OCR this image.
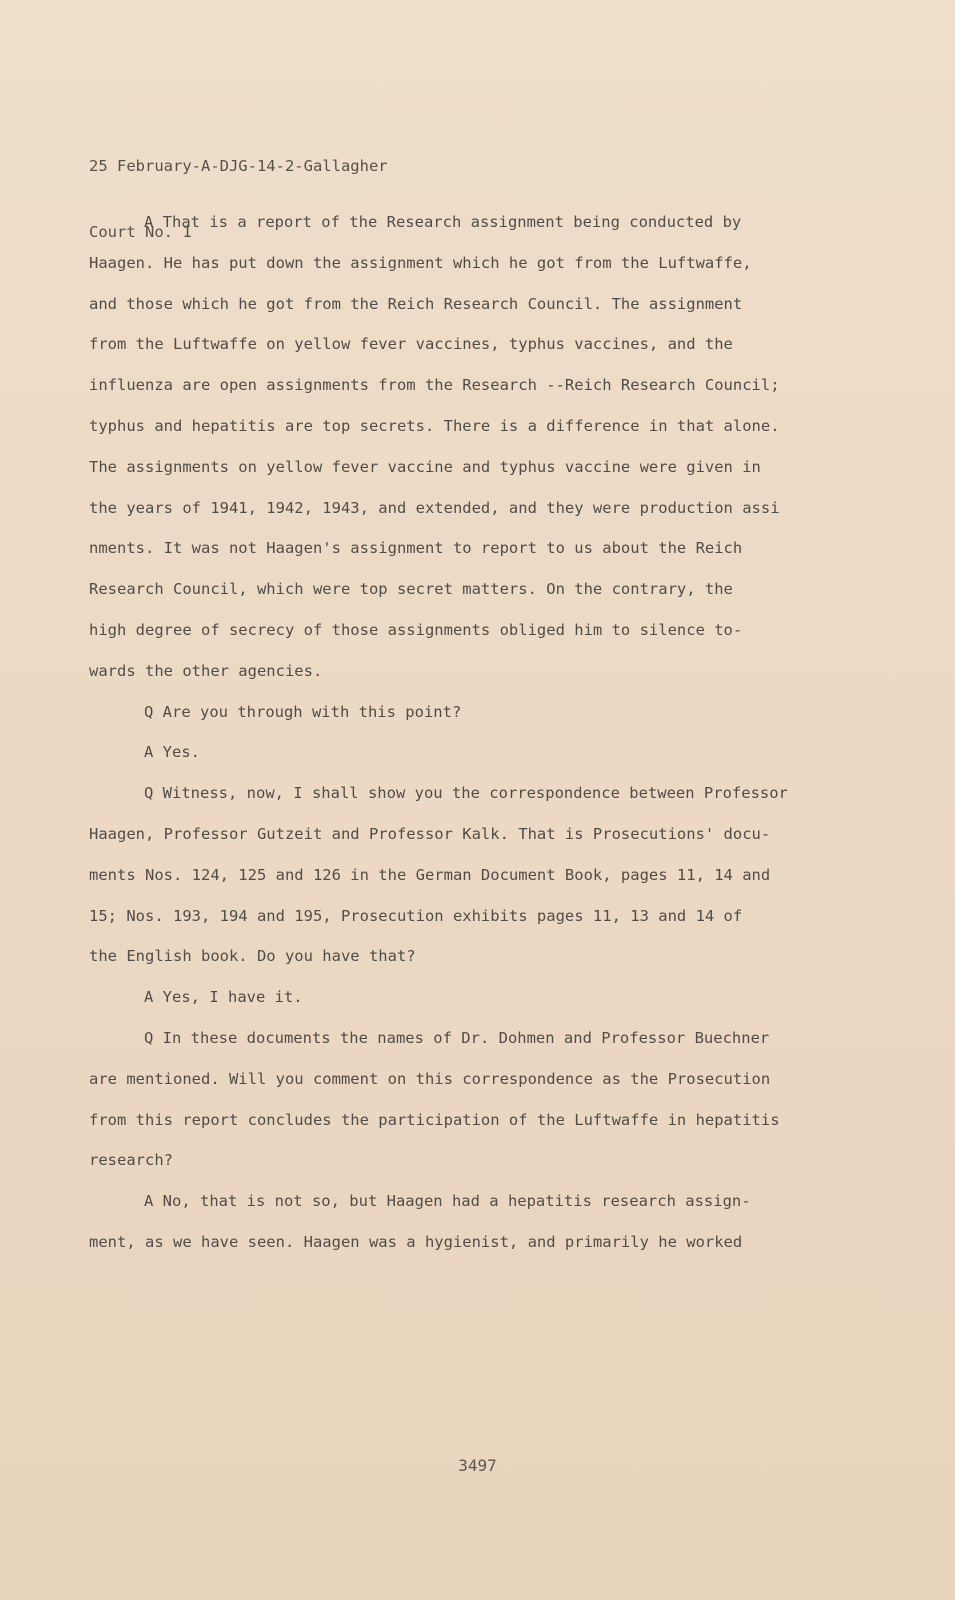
25 February-A-DJG-14-2-Gallagher

Court No. 1

A That is a report of the Research assignment being conducted by
Haagen. He has put down the assignment which he got from the Luftwaffe,
and those which he got from the Reich Research Council. The assignment
from the Luftwaffe on yellow fever vaccines, typhus vaccines, and the
influenza are open assignments from the Research --Reich Research Council;
typhus and hepatitis are top secrets. There is a difference in that alone.
The assignments on yellow fever vaccine and typhus vaccine were given in
the years of 1941, 1942, 1943, and extended, and they were production assi
nments. It was not Haagen's assignment to report to us about the Reich
Research Council, which were top secret matters. On the contrary, the
high degree of secrecy of those assignments obliged him to silence to-
wards the other agencies.
Q Are you through with this point?
A Yes.
Q Witness, now, I shall show you the correspondence between Professor
Haagen, Professor Gutzeit and Professor Kalk. That is Prosecutions' docu-
ments Nos. 124, 125 and 126 in the German Document Book, pages 11, 14 and
15; Nos. 193, 194 and 195, Prosecution exhibits pages 11, 13 and 14 of
the English book. Do you have that?
A Yes, I have it.
Q In these documents the names of Dr. Dohmen and Professor Buechner
are mentioned. Will you comment on this correspondence as the Prosecution
from this report concludes the participation of the Luftwaffe in hepatitis
research?
A No, that is not so, but Haagen had a hepatitis research assign-
ment, as we have seen. Haagen was a hygienist, and primarily he worked
3497
